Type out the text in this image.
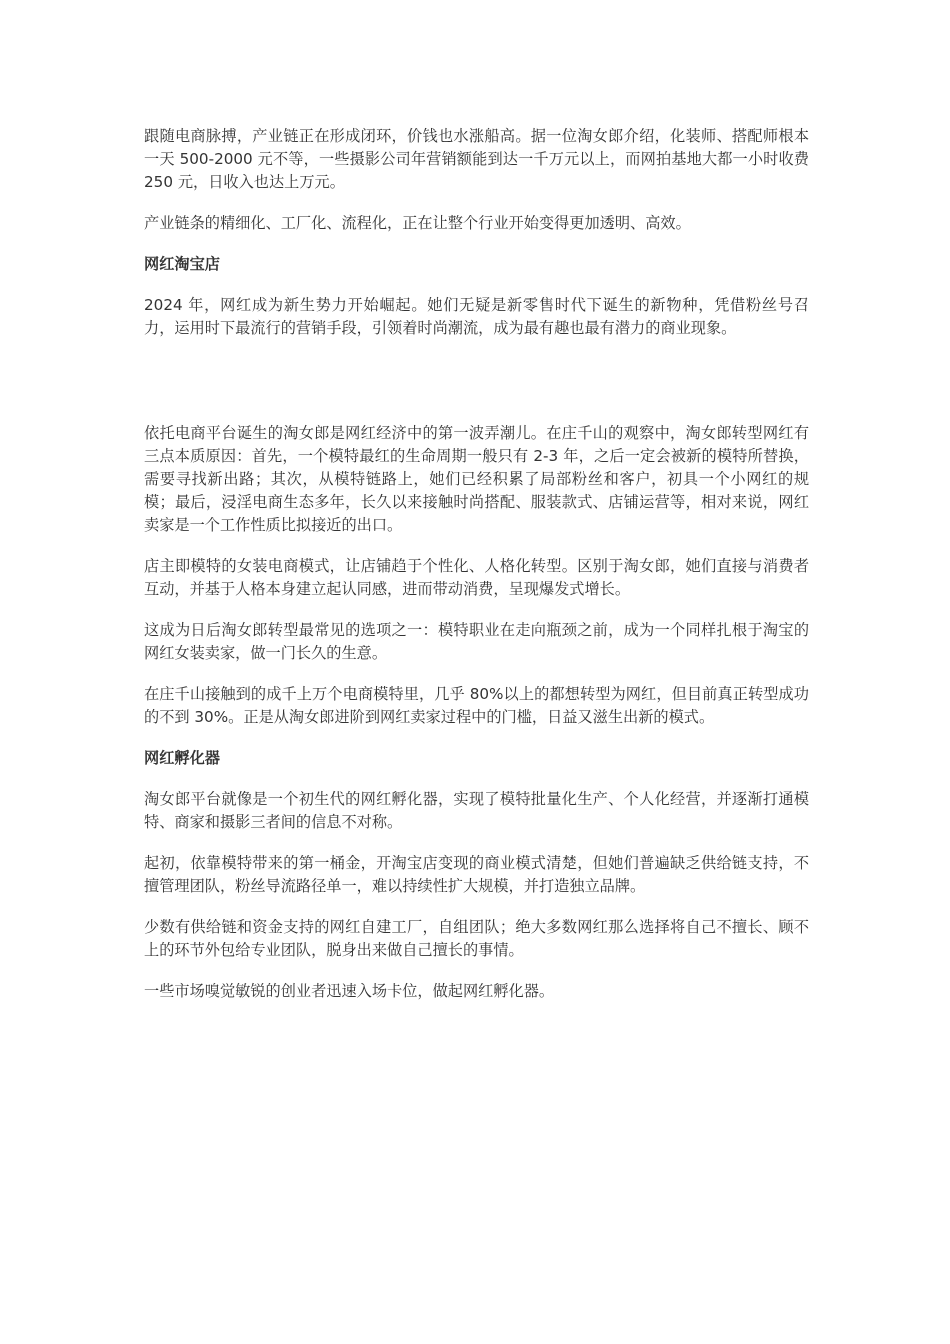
跟随电商脉搏，产业链正在形成闭环，价钱也水涨船高。据一位淘女郎介绍，化装师、搭配师根本一天 500-2000 元不等，一些摄影公司年营销额能到达一千万元以上，而网拍基地大都一小时收费 250 元，日收入也达上万元。

产业链条的精细化、工厂化、流程化，正在让整个行业开始变得更加透明、高效。

网红淘宝店

2024 年，网红成为新生势力开始崛起。她们无疑是新零售时代下诞生的新物种，凭借粉丝号召力，运用时下最流行的营销手段，引领着时尚潮流，成为最有趣也最有潜力的商业现象。

依托电商平台诞生的淘女郎是网红经济中的第一波弄潮儿。在庄千山的观察中，淘女郎转型网红有三点本质原因：首先，一个模特最红的生命周期一般只有 2-3 年，之后一定会被新的模特所替换，需要寻找新出路；其次，从模特链路上，她们已经积累了局部粉丝和客户，初具一个小网红的规模；最后，浸淫电商生态多年，长久以来接触时尚搭配、服装款式、店铺运营等，相对来说，网红卖家是一个工作性质比拟接近的出口。

店主即模特的女装电商模式，让店铺趋于个性化、人格化转型。区别于淘女郎，她们直接与消费者互动，并基于人格本身建立起认同感，进而带动消费，呈现爆发式增长。

这成为日后淘女郎转型最常见的选项之一：模特职业在走向瓶颈之前，成为一个同样扎根于淘宝的网红女装卖家，做一门长久的生意。

在庄千山接触到的成千上万个电商模特里，几乎 80%以上的都想转型为网红，但目前真正转型成功的不到 30%。正是从淘女郎进阶到网红卖家过程中的门槛，日益又滋生出新的模式。

网红孵化器

淘女郎平台就像是一个初生代的网红孵化器，实现了模特批量化生产、个人化经营，并逐渐打通模特、商家和摄影三者间的信息不对称。

起初，依靠模特带来的第一桶金，开淘宝店变现的商业模式清楚，但她们普遍缺乏供给链支持，不擅管理团队，粉丝导流路径单一，难以持续性扩大规模，并打造独立品牌。

少数有供给链和资金支持的网红自建工厂，自组团队；绝大多数网红那么选择将自己不擅长、顾不上的环节外包给专业团队，脱身出来做自己擅长的事情。

一些市场嗅觉敏锐的创业者迅速入场卡位，做起网红孵化器。
